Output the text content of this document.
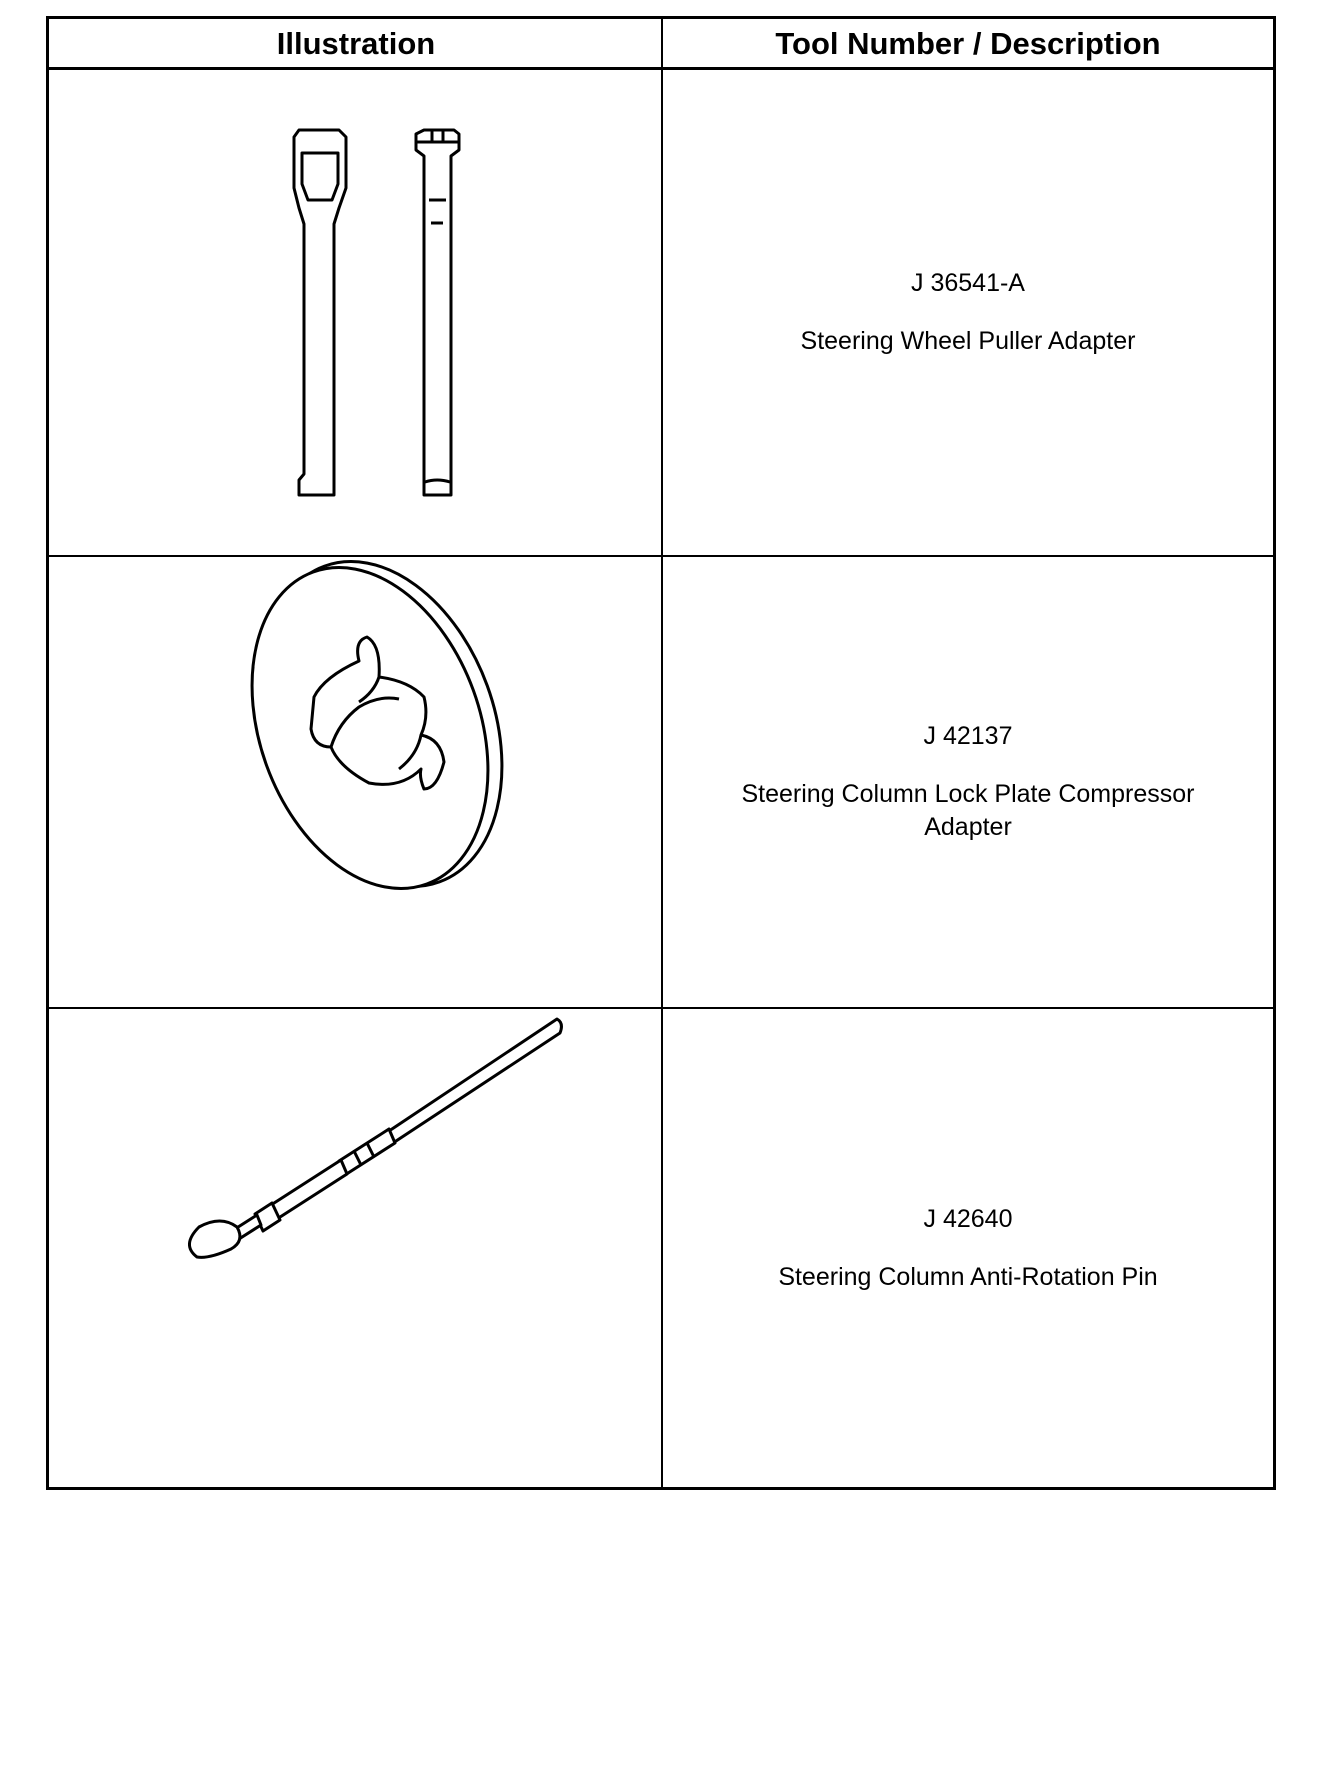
Illustration	Tool Number / Description
J 36541-A
Steering Wheel Puller Adapter
J 42137
Steering Column Lock Plate Compressor Adapter
J 42640
Steering Column Anti-Rotation Pin
